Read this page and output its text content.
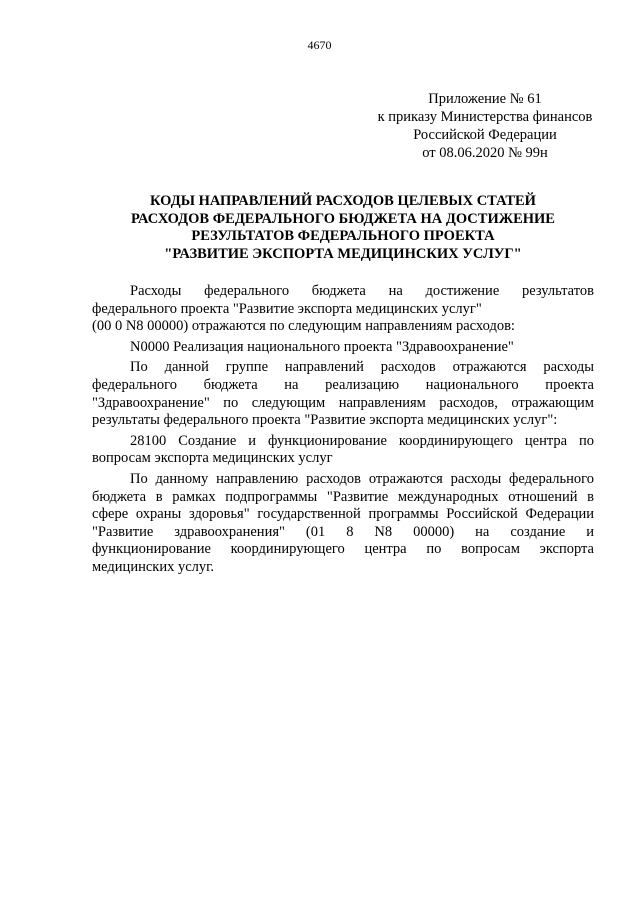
4670
Приложение № 61
к приказу Министерства финансов
Российской Федерации
от 08.06.2020 № 99н
КОДЫ НАПРАВЛЕНИЙ РАСХОДОВ ЦЕЛЕВЫХ СТАТЕЙ
РАСХОДОВ ФЕДЕРАЛЬНОГО БЮДЖЕТА НА ДОСТИЖЕНИЕ
РЕЗУЛЬТАТОВ ФЕДЕРАЛЬНОГО ПРОЕКТА
"РАЗВИТИЕ ЭКСПОРТА МЕДИЦИНСКИХ УСЛУГ"
Расходы федерального бюджета на достижение результатов
федерального проекта "Развитие экспорта медицинских услуг"
(00 0 N8 00000) отражаются по следующим направлениям расходов:
N0000 Реализация национального проекта "Здравоохранение"
По данной группе направлений расходов отражаются расходы
федерального бюджета на реализацию национального проекта
"Здравоохранение" по следующим направлениям расходов, отражающим
результаты федерального проекта "Развитие экспорта медицинских услуг":
28100 Создание и функционирование координирующего центра по
вопросам экспорта медицинских услуг
По данному направлению расходов отражаются расходы федерального
бюджета в рамках подпрограммы "Развитие международных отношений в
сфере охраны здоровья" государственной программы Российской Федерации
"Развитие здравоохранения" (01 8 N8 00000) на создание и
функционирование координирующего центра по вопросам экспорта
медицинских услуг.
